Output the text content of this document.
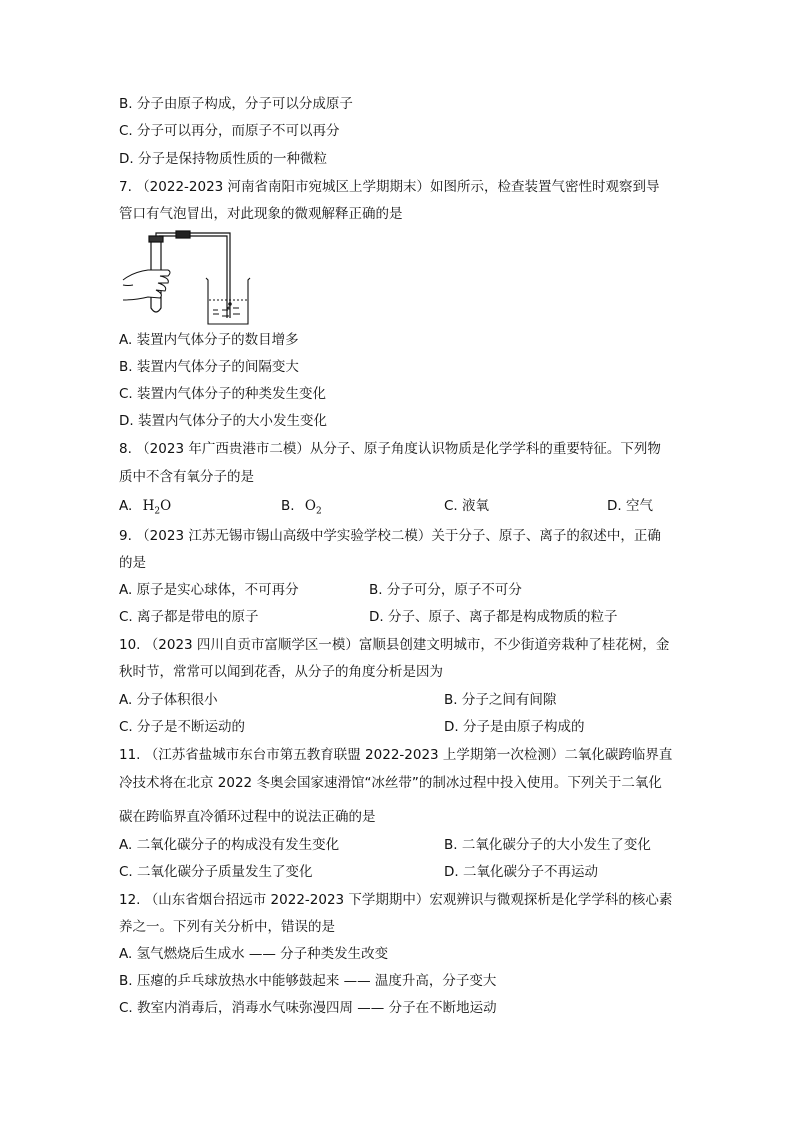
B. 分子由原子构成，分子可以分成原子
C. 分子可以再分，而原子不可以再分
D. 分子是保持物质性质的一种微粒
7. （2022-2023 河南省南阳市宛城区上学期期末）如图所示，检查装置气密性时观察到导
管口有气泡冒出，对此现象的微观解释正确的是
A. 装置内气体分子的数目增多
B. 装置内气体分子的间隔变大
C. 装置内气体分子的种类发生变化
D. 装置内气体分子的大小发生变化
8. （2023 年广西贵港市二模）从分子、原子角度认识物质是化学学科的重要特征。下列物
质中不含有氧分子的是
A. $H_2O$	B. $O_2$	C. 液氧	D. 空气
9. （2023 江苏无锡市锡山高级中学实验学校二模）关于分子、原子、离子的叙述中，正确
的是
A. 原子是实心球体，不可再分	B. 分子可分，原子不可分
C. 离子都是带电的原子	D. 分子、原子、离子都是构成物质的粒子
10. （2023 四川自贡市富顺学区一模）富顺县创建文明城市，不少街道旁栽种了桂花树，金
秋时节，常常可以闻到花香，从分子的角度分析是因为
A. 分子体积很小	B. 分子之间有间隙
C. 分子是不断运动的	D. 分子是由原子构成的
11. （江苏省盐城市东台市第五教育联盟 2022-2023 上学期第一次检测）二氧化碳跨临界直
冷技术将在北京 2022 冬奥会国家速滑馆“冰丝带”的制冰过程中投入使用。下列关于二氧化
碳在跨临界直冷循环过程中的说法正确的是
A. 二氧化碳分子的构成没有发生变化	B. 二氧化碳分子的大小发生了变化
C. 二氧化碳分子质量发生了变化	D. 二氧化碳分子不再运动
12. （山东省烟台招远市 2022-2023 下学期期中）宏观辨识与微观探析是化学学科的核心素
养之一。下列有关分析中，错误的是
A. 氢气燃烧后生成水 —— 分子种类发生改变
B. 压瘪的乒乓球放热水中能够鼓起来 —— 温度升高，分子变大
C. 教室内消毒后，消毒水气味弥漫四周 —— 分子在不断地运动
